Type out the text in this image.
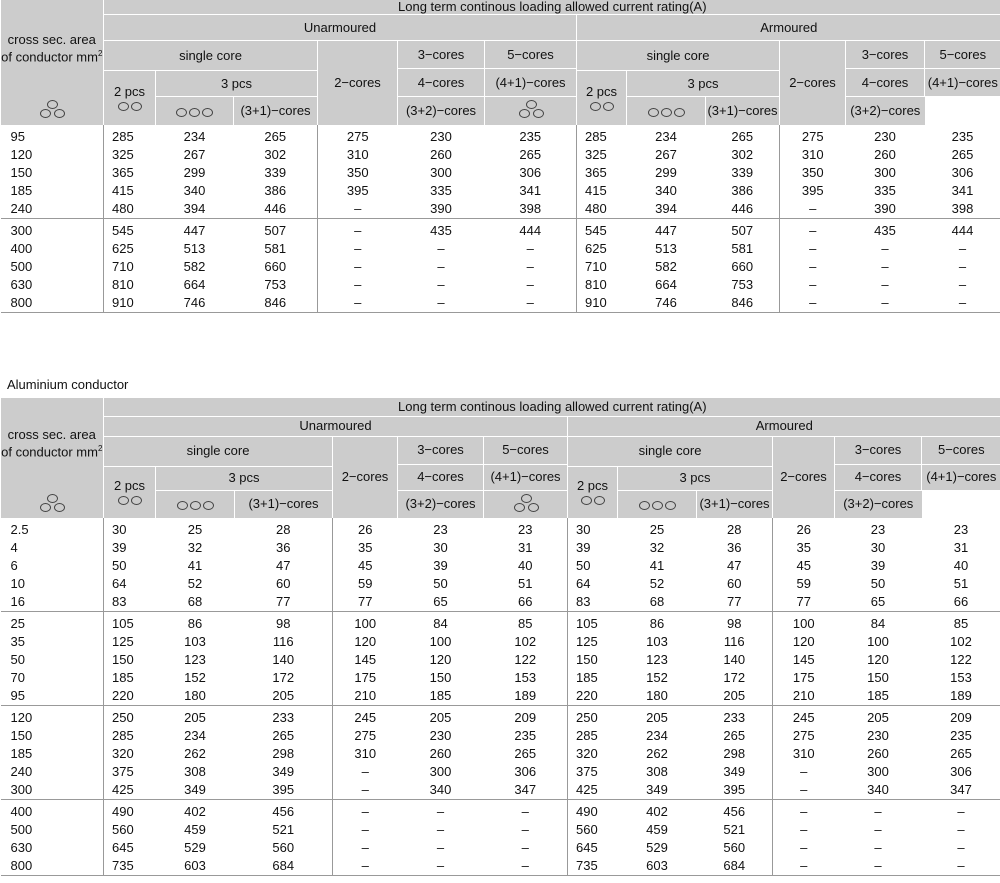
cross sec. area of conductor $mm^2$	Long term continous loading allowed current rating(A)											
	Unarmoured						Armoured					
	single core			2−cores	3−cores	5−cores	single core			2−cores	3−cores	5−cores
					4−cores	(4+1)−cores					4−cores	(4+1)−cores
	2 pcs	3 pcs					2 pcs	3 pcs				

		(3+1)−cores		(3+2)−cores				(3+1)−cores		(3+2)−cores	
95	285	234	265	275	230	235	285	234	265	275	230	235
120	325	267	302	310	260	265	325	267	302	310	260	265
150	365	299	339	350	300	306	365	299	339	350	300	306
185	415	340	386	395	335	341	415	340	386	395	335	341
240	480	394	446	–	390	398	480	394	446	–	390	398
300	545	447	507	–	435	444	545	447	507	–	435	444
400	625	513	581	–	–	–	625	513	581	–	–	–
500	710	582	660	–	–	–	710	582	660	–	–	–
630	810	664	753	–	–	–	810	664	753	–	–	–
800	910	746	846	–	–	–	910	746	846	–	–	–
Aluminium conductor
cross sec. area of conductor $mm^2$	Long term continous loading allowed current rating(A)											
	Unarmoured						Armoured					
	single core			2−cores	3−cores	5−cores	single core			2−cores	3−cores	5−cores
					4−cores	(4+1)−cores					4−cores	(4+1)−cores
	2 pcs	3 pcs					2 pcs	3 pcs				

		(3+1)−cores		(3+2)−cores				(3+1)−cores		(3+2)−cores	
2.5	30	25	28	26	23	23	30	25	28	26	23	23
4	39	32	36	35	30	31	39	32	36	35	30	31
6	50	41	47	45	39	40	50	41	47	45	39	40
10	64	52	60	59	50	51	64	52	60	59	50	51
16	83	68	77	77	65	66	83	68	77	77	65	66
25	105	86	98	100	84	85	105	86	98	100	84	85
35	125	103	116	120	100	102	125	103	116	120	100	102
50	150	123	140	145	120	122	150	123	140	145	120	122
70	185	152	172	175	150	153	185	152	172	175	150	153
95	220	180	205	210	185	189	220	180	205	210	185	189
120	250	205	233	245	205	209	250	205	233	245	205	209
150	285	234	265	275	230	235	285	234	265	275	230	235
185	320	262	298	310	260	265	320	262	298	310	260	265
240	375	308	349	–	300	306	375	308	349	–	300	306
300	425	349	395	–	340	347	425	349	395	–	340	347
400	490	402	456	–	–	–	490	402	456	–	–	–
500	560	459	521	–	–	–	560	459	521	–	–	–
630	645	529	560	–	–	–	645	529	560	–	–	–
800	735	603	684	–	–	–	735	603	684	–	–	–
